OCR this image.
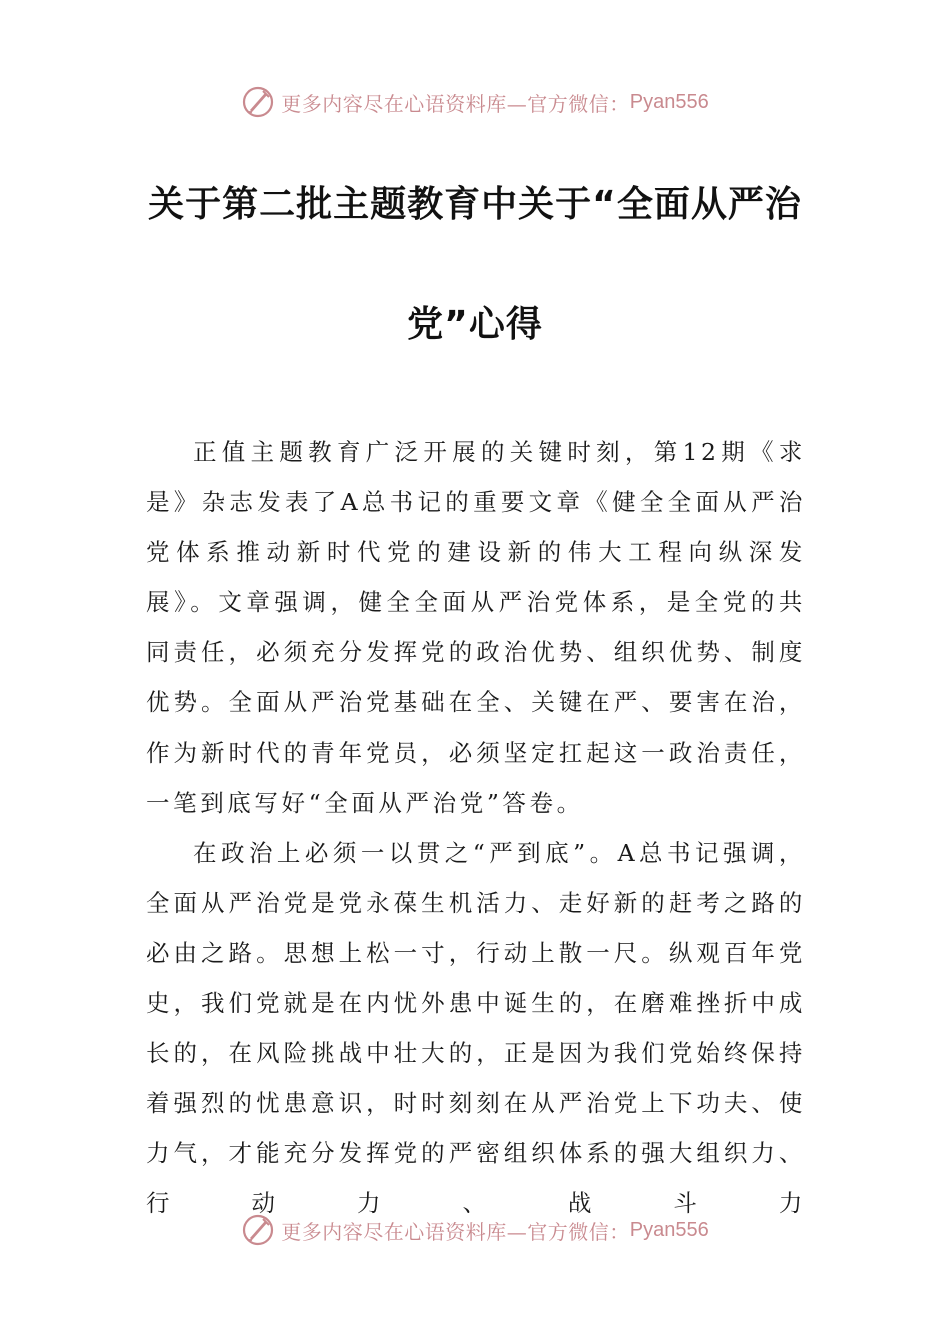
更多内容尽在心语资料库—官方微信： Pyan556
关于第二批主题教育中关于“全面从严治
党”心得

正值主题教育广泛开展的关键时刻，第12期《求是》杂志发表了A总书记的重要文章《健全全面从严治党体系推动新时代党的建设新的伟大工程向纵深发展》。文章强调，健全全面从严治党体系，是全党的共同责任，必须充分发挥党的政治优势、组织优势、制度优势。全面从严治党基础在全、关键在严、要害在治，作为新时代的青年党员，必须坚定扛起这一政治责任，一笔到底写好“全面从严治党”答卷。

在政治上必须一以贯之“严到底”。A总书记强调，全面从严治党是党永葆生机活力、走好新的赶考之路的必由之路。思想上松一寸，行动上散一尺。纵观百年党史，我们党就是在内忧外患中诞生的，在磨难挫折中成长的，在风险挑战中壮大的，正是因为我们党始终保持着强烈的忧患意识，时时刻刻在从严治党上下功夫、使力气，才能充分发挥党的严密组织体系的强大组织力、行动力、战斗力

更多内容尽在心语资料库—官方微信： Pyan556
